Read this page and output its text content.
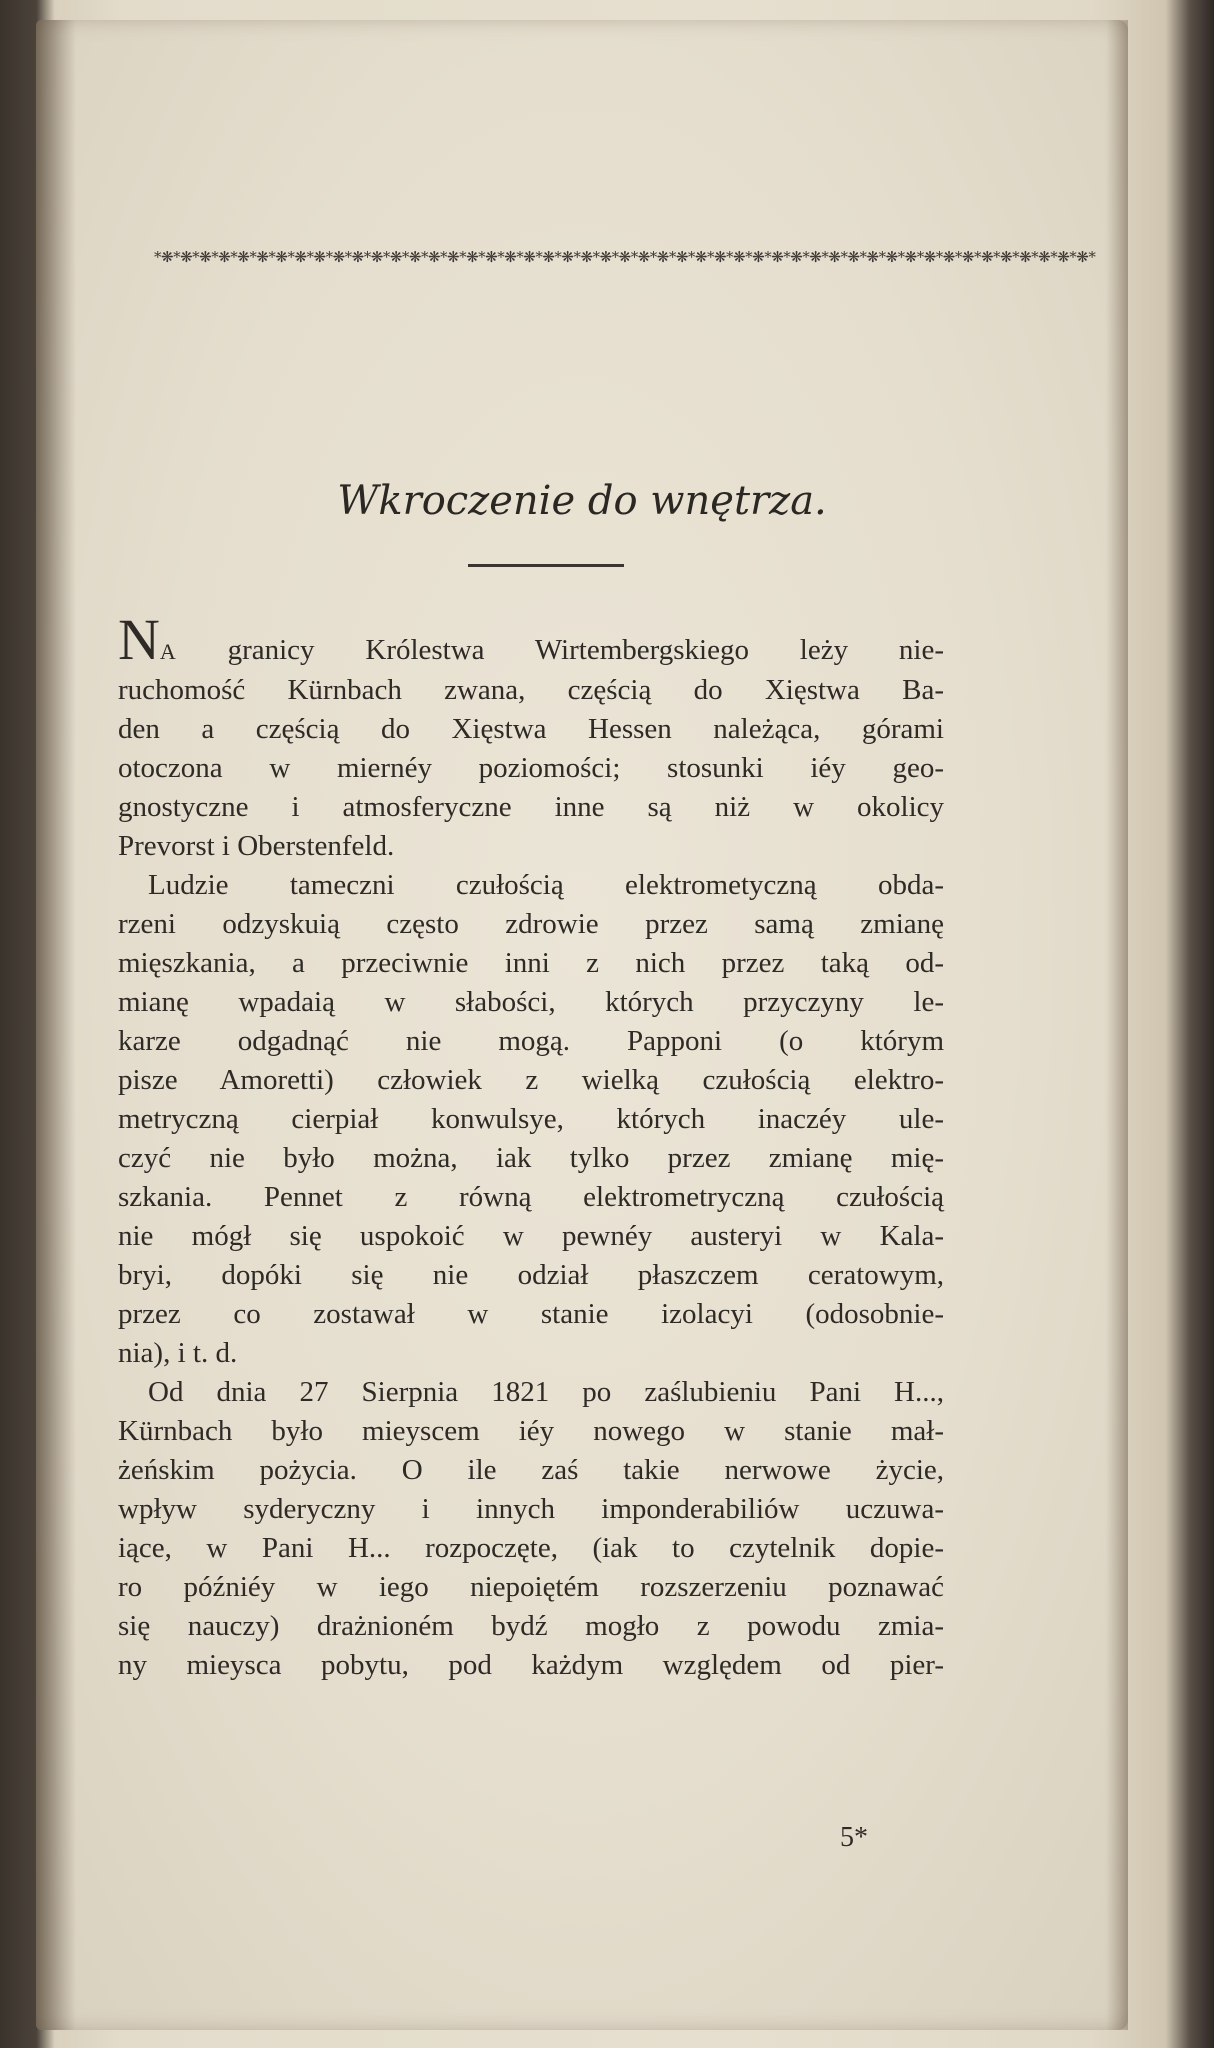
*❋*❋*❋*❋*❋*❋*❋*❋*❋*❋*❋*❋*❋*❋*❋*❋*❋*❋*❋*❋*❋*❋*❋*❋*❋*❋*❋*❋*❋*❋*❋*❋*❋*❋*❋*❋*❋*❋*❋*❋*❋*❋*❋*❋*❋*❋*❋*❋*❋*
Wkroczenie do wnętrza.
NA granicy Królestwa Wirtembergskiego leży nie-
ruchomość Kürnbach zwana, częścią do Xięstwa Ba-
den a częścią do Xięstwa Hessen należąca, górami
otoczona w miernéy poziomości; stosunki iéy geo-
gnostyczne i atmosferyczne inne są niż w okolicy
Prevorst i Oberstenfeld.
Ludzie tameczni czułością elektrometyczną obda-
rzeni odzyskuią często zdrowie przez samą zmianę
mięszkania, a przeciwnie inni z nich przez taką od-
mianę wpadaią w słabości, których przyczyny le-
karze odgadnąć nie mogą. Papponi (o którym
pisze Amoretti) człowiek z wielką czułością elektro-
metryczną cierpiał konwulsye, których inaczéy ule-
czyć nie było można, iak tylko przez zmianę mię-
szkania. Pennet z równą elektrometryczną czułością
nie mógł się uspokoić w pewnéy austeryi w Kala-
bryi, dopóki się nie odział płaszczem ceratowym,
przez co zostawał w stanie izolacyi (odosobnie-
nia), i t. d.
Od dnia 27 Sierpnia 1821 po zaślubieniu Pani H...,
Kürnbach było mieyscem iéy nowego w stanie mał-
żeńskim pożycia. O ile zaś takie nerwowe życie,
wpływ syderyczny i innych imponderabiliów uczuwa-
iące, w Pani H... rozpoczęte, (iak to czytelnik dopie-
ro późniéy w iego niepoiętém rozszerzeniu poznawać
się nauczy) drażnioném bydź mogło z powodu zmia-
ny mieysca pobytu, pod każdym względem od pier-
5*
